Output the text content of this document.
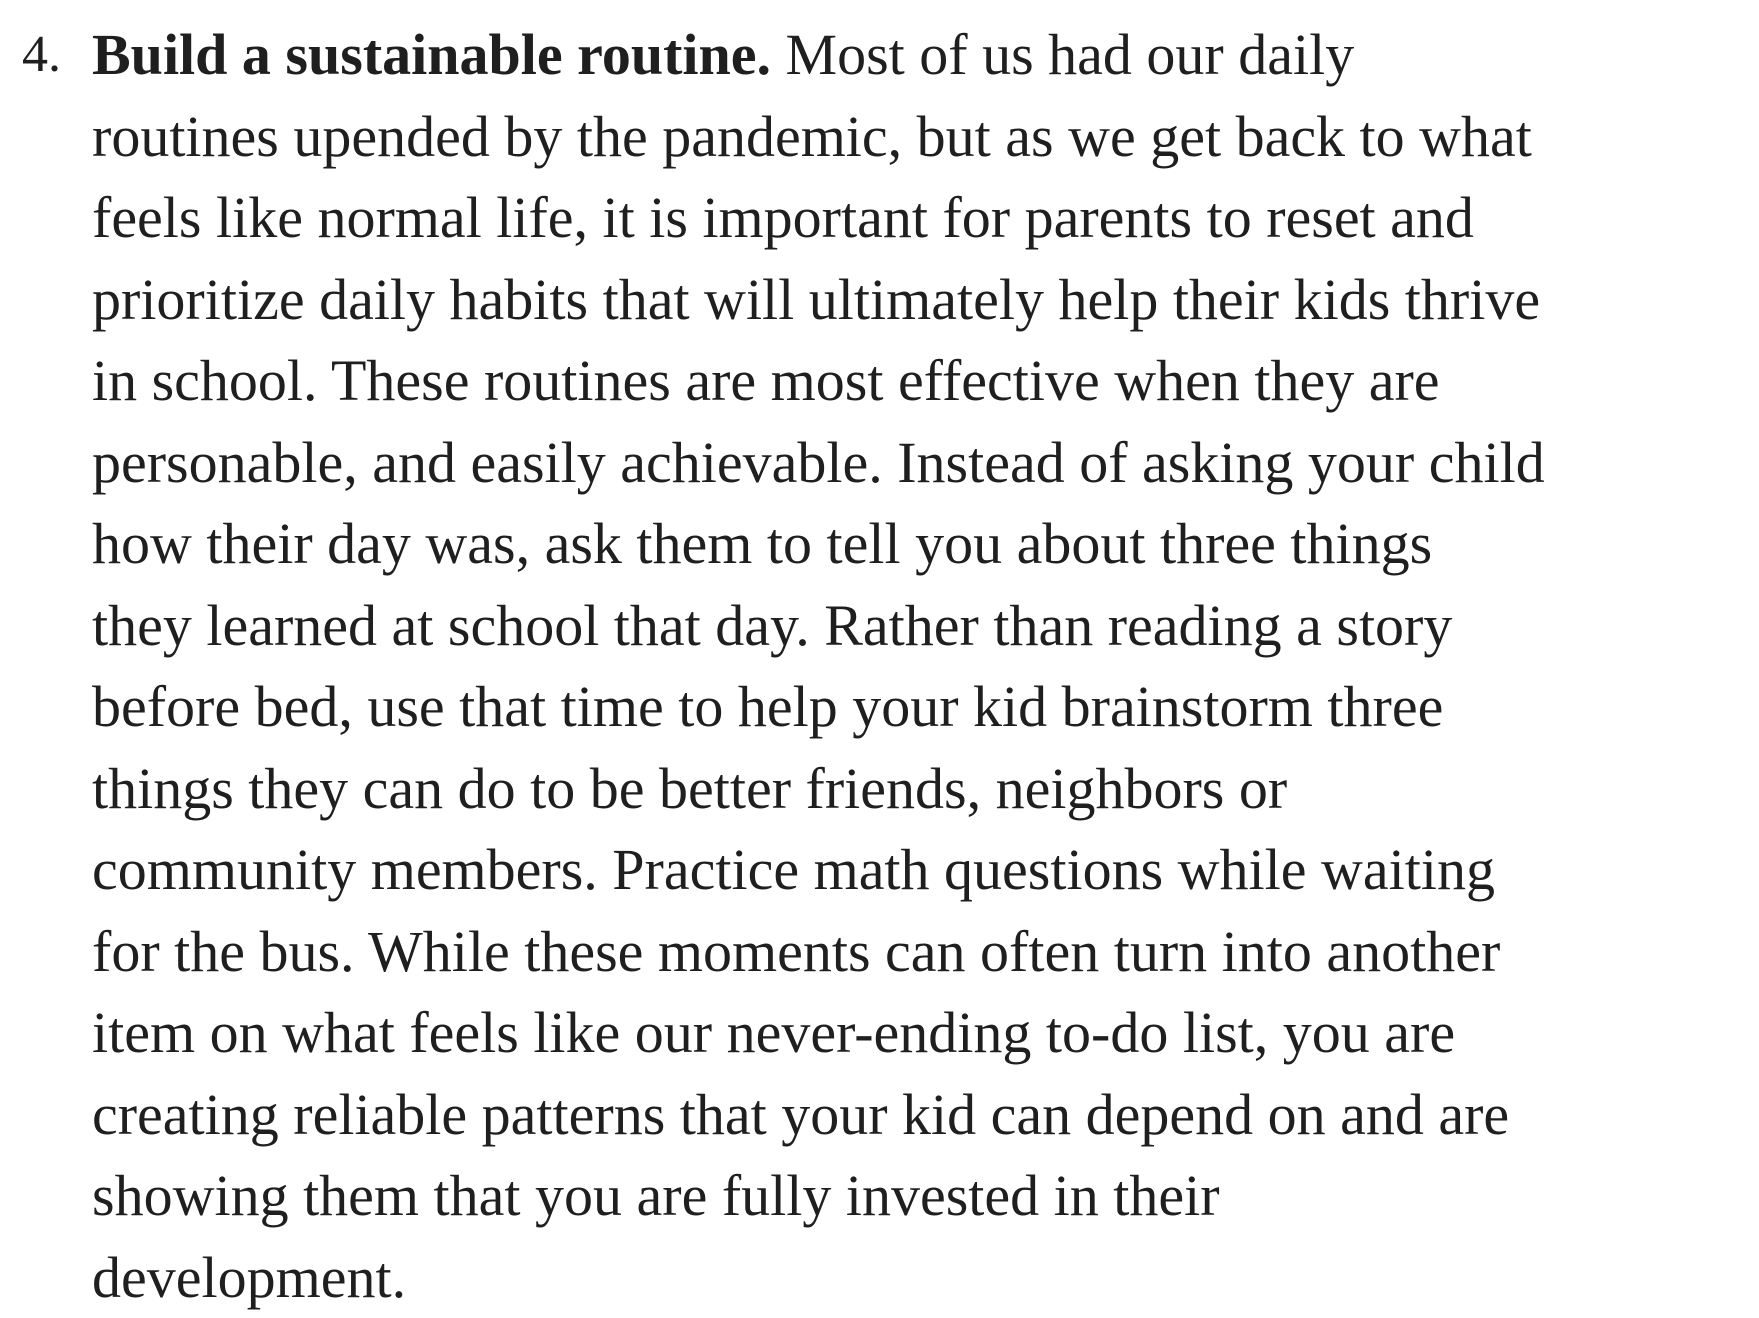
4. Build a sustainable routine. Most of us had our daily
routines upended by the pandemic, but as we get back to what
feels like normal life, it is important for parents to reset and
prioritize daily habits that will ultimately help their kids thrive
in school. These routines are most effective when they are
personable, and easily achievable. Instead of asking your child
how their day was, ask them to tell you about three things
they learned at school that day. Rather than reading a story
before bed, use that time to help your kid brainstorm three
things they can do to be better friends, neighbors or
community members. Practice math questions while waiting
for the bus. While these moments can often turn into another
item on what feels like our never-ending to-do list, you are
creating reliable patterns that your kid can depend on and are
showing them that you are fully invested in their
development.
